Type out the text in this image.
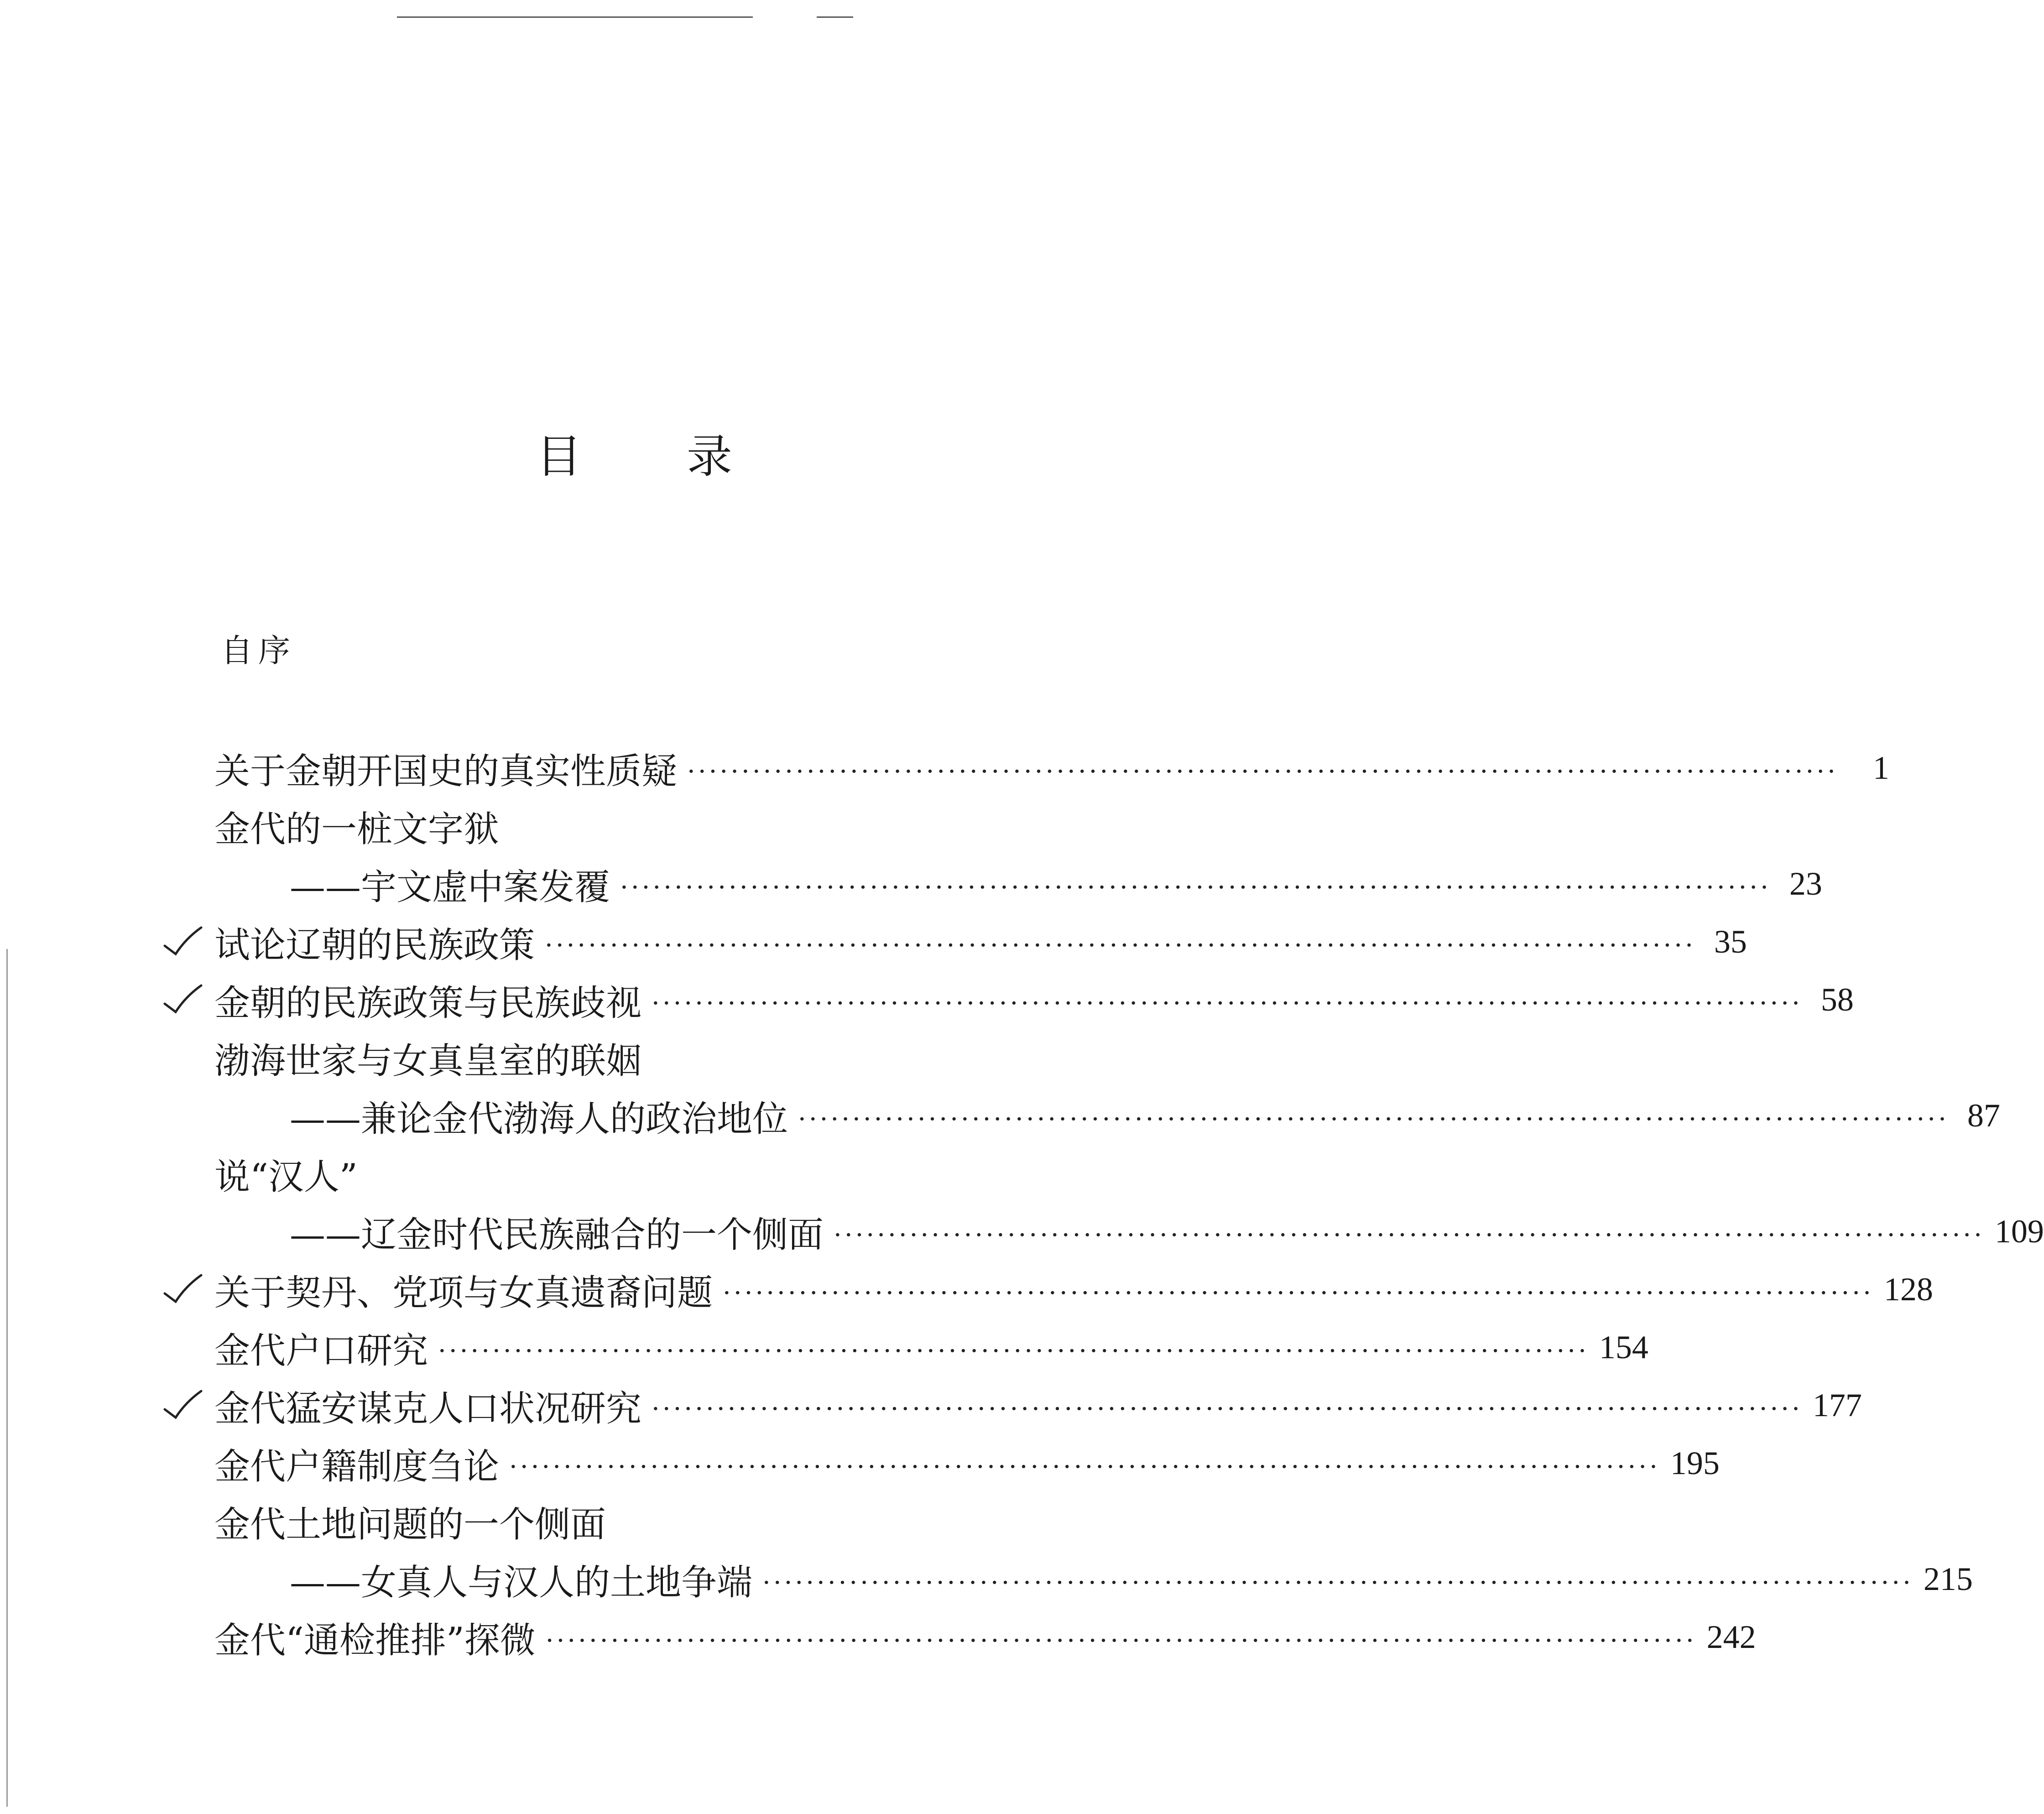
目 录
自序
关于金朝开国史的真实性质疑 ··········································································································	1
金代的一桩文字狱
——宇文虚中案发覆 ·········································································································· 23
试论辽朝的民族政策 ·········································································································· 35
金朝的民族政策与民族歧视 ·········································································································· 58
渤海世家与女真皇室的联姻
——兼论金代渤海人的政治地位 ·········································································································· 87
说“汉人”
——辽金时代民族融合的一个侧面 ·········································································································· 109
关于契丹、党项与女真遗裔问题 ·········································································································· 128
金代户口研究 ·········································································································· 154
金代猛安谋克人口状况研究 ·········································································································· 177
金代户籍制度刍论 ·········································································································· 195
金代土地问题的一个侧面
——女真人与汉人的土地争端 ·········································································································· 215
金代“通检推排”探微 ·········································································································· 242
